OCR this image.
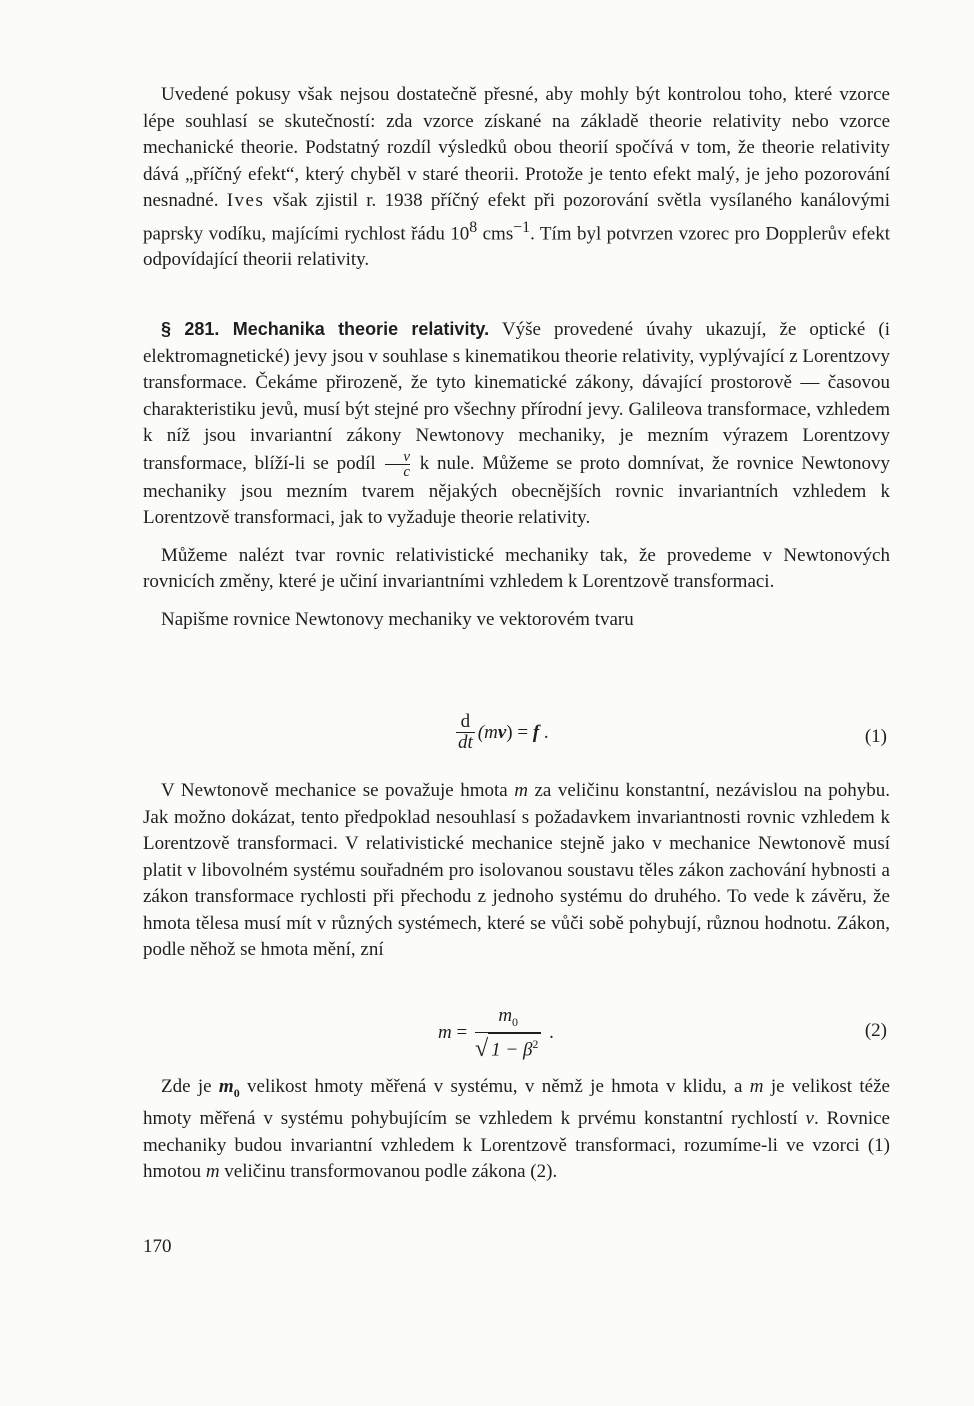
Uvedené pokusy však nejsou dostatečně přesné, aby mohly být kontrolou toho, které vzorce lépe souhlasí se skutečností: zda vzorce získané na základě theorie relativity nebo vzorce mechanické theorie. Podstatný rozdíl výsledků obou theorií spočívá v tom, že theorie relativity dává „příčný efekt“, který chyběl v staré theorii. Protože je tento efekt malý, je jeho pozorování nesnadné. Ives však zjistil r. 1938 příčný efekt při pozorování světla vysílaného kanálovými paprsky vodíku, majícími rychlost řádu $10^8$ cms$^{-1}$. Tím byl potvrzen vzorec pro Dopplerův efekt odpovídající theorii relativity.

§ 281. Mechanika theorie relativity. Výše provedené úvahy ukazují, že optické (i elektromagnetické) jevy jsou v souhlase s kinematikou theorie relativity, vyplývající z Lorentzovy transformace. Čekáme přirozeně, že tyto kinematické zákony, dávající prostorově — časovou charakteristiku jevů, musí být stejné pro všechny přírodní jevy. Galileova transformace, vzhledem k níž jsou invariantní zákony Newtonovy mechaniky, je mezním výrazem Lorentzovy transformace, blíží-li se podíl $\frac{v}{c}$ k nule. Můžeme se proto domnívat, že rovnice Newtonovy mechaniky jsou mezním tvarem nějakých obecnějších rovnic invariantních vzhledem k Lorentzově transformaci, jak to vyžaduje theorie relativity.

Můžeme nalézt tvar rovnic relativistické mechaniky tak, že provedeme v Newtonových rovnicích změny, které je učiní invariantními vzhledem k Lorentzově transformaci.

Napišme rovnice Newtonovy mechaniky ve vektorovém tvaru

$\frac{d}{dt} (m$ v ) = f .	(1)

V Newtonově mechanice se považuje hmota m za veličinu konstantní, nezávislou na pohybu. Jak možno dokázat, tento předpoklad nesouhlasí s požadavkem invariantnosti rovnic vzhledem k Lorentzově transformaci. V relativistické mechanice stejně jako v mechanice Newtonově musí platit v libovolném systému souřadném pro isolovanou soustavu těles zákon zachování hybnosti a zákon transformace rychlosti při přechodu z jednoho systému do druhého. To vede k závěru, že hmota tělesa musí mít v různých systémech, které se vůči sobě pohybují, různou hodnotu. Zákon, podle něhož se hmota mění, zní

$m = \frac{m_0}{√ 1 - \beta^2}$ .	(2)

Zde je $m_0$ velikost hmoty měřená v systému, v němž je hmota v klidu, a m je velikost téže hmoty měřená v systému pohybujícím se vzhledem k prvému konstantní rychlostí v. Rovnice mechaniky budou invariantní vzhledem k Lorentzově transformaci, rozumíme-li ve vzorci (1) hmotou m veličinu transformovanou podle zákona (2).

170
